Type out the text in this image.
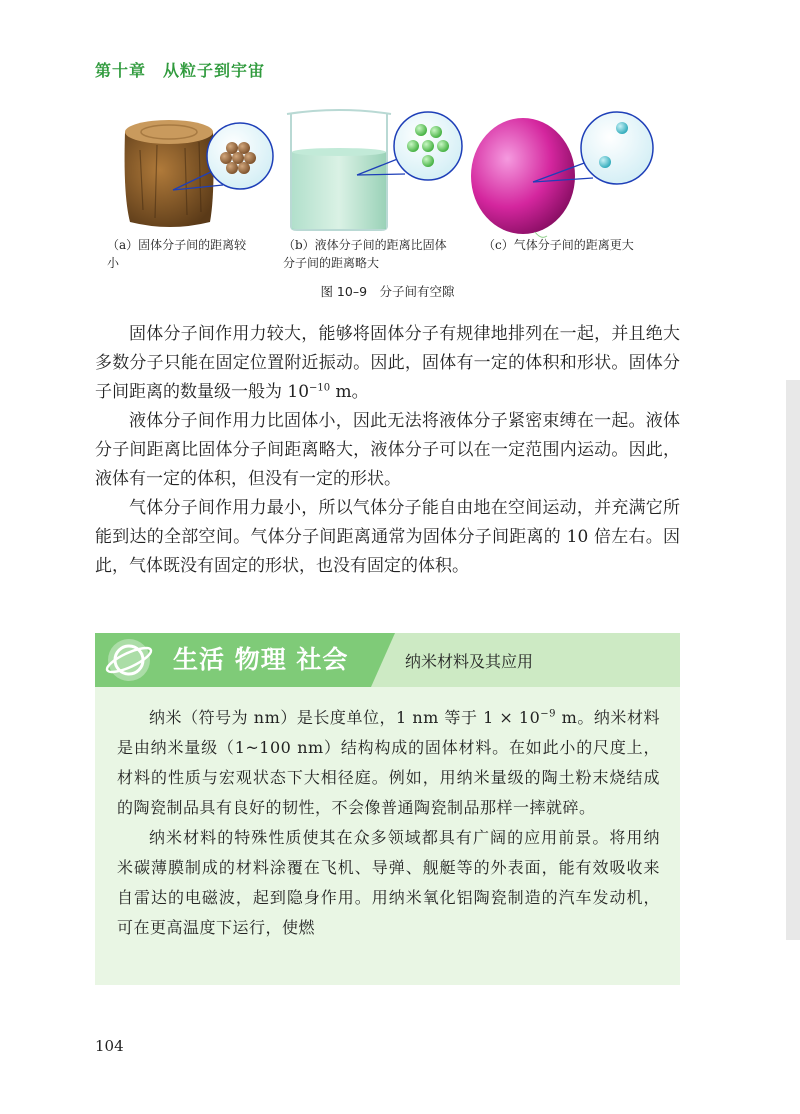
第十章　从粒子到宇宙
（a）固体分子间的距离较小
（b）液体分子间的距离比固体分子间的距离略大
（c）气体分子间的距离更大
图 10–9　分子间有空隙

固体分子间作用力较大，能够将固体分子有规律地排列在一起，并且绝大多数分子只能在固定位置附近振动。因此，固体有一定的体积和形状。固体分子间距离的数量级一般为 $10^{-10}$ m。

液体分子间作用力比固体小，因此无法将液体分子紧密束缚在一起。液体分子间距离比固体分子间距离略大，液体分子可以在一定范围内运动。因此，液体有一定的体积，但没有一定的形状。

气体分子间作用力最小，所以气体分子能自由地在空间运动，并充满它所能到达的全部空间。气体分子间距离通常为固体分子间距离的 10 倍左右。因此，气体既没有固定的形状，也没有固定的体积。

生活 物理 社会	纳米材料及其应用

纳米（符号为 nm）是长度单位，1 nm 等于 $1 \times 10^{-9}$ m。纳米材料是由纳米量级（1~100 nm）结构构成的固体材料。在如此小的尺度上，材料的性质与宏观状态下大相径庭。例如，用纳米量级的陶土粉末烧结成的陶瓷制品具有良好的韧性，不会像普通陶瓷制品那样一摔就碎。

纳米材料的特殊性质使其在众多领域都具有广阔的应用前景。将用纳米碳薄膜制成的材料涂覆在飞机、导弹、舰艇等的外表面，能有效吸收来自雷达的电磁波，起到隐身作用。用纳米氧化铝陶瓷制造的汽车发动机，可在更高温度下运行，使燃

104
